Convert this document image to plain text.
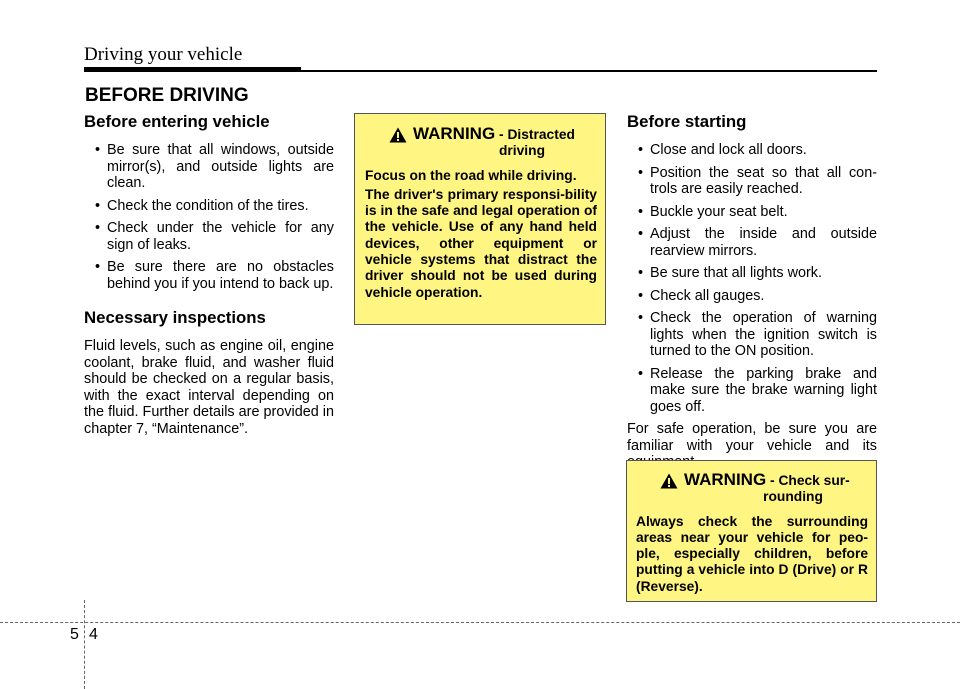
Driving your vehicle
BEFORE DRIVING
Before entering vehicle
• Be sure that all windows, outside mirror(s), and outside lights are clean.
• Check the condition of the tires.
• Check under the vehicle for any sign of leaks.
• Be sure there are no obstacles behind you if you intend to back up.
Necessary inspections

Fluid levels, such as engine oil, engine coolant, brake fluid, and washer fluid should be checked on a regular basis, with the exact interval depending on the fluid. Further details are provided in chapter 7, “Maintenance”.

WARNING - Distracted
driving

Focus on the road while driving.

The driver's primary responsi-bility is in the safe and legal operation of the vehicle. Use of any hand held devices, other equipment or vehicle systems that distract the driver should not be used during vehicle operation.

Before starting
• Close and lock all doors.
• Position the seat so that all con-trols are easily reached.
• Buckle your seat belt.
• Adjust the inside and outside rearview mirrors.
• Be sure that all lights work.
• Check all gauges.
• Check the operation of warning lights when the ignition switch is turned to the ON position.
• Release the parking brake and make sure the brake warning light goes off.

For safe operation, be sure you are familiar with your vehicle and its

WARNING - Check sur-
rounding

Always check the surrounding areas near your vehicle for peo-ple, especially children, before putting a vehicle into D (Drive) or R (Reverse).

5 4
